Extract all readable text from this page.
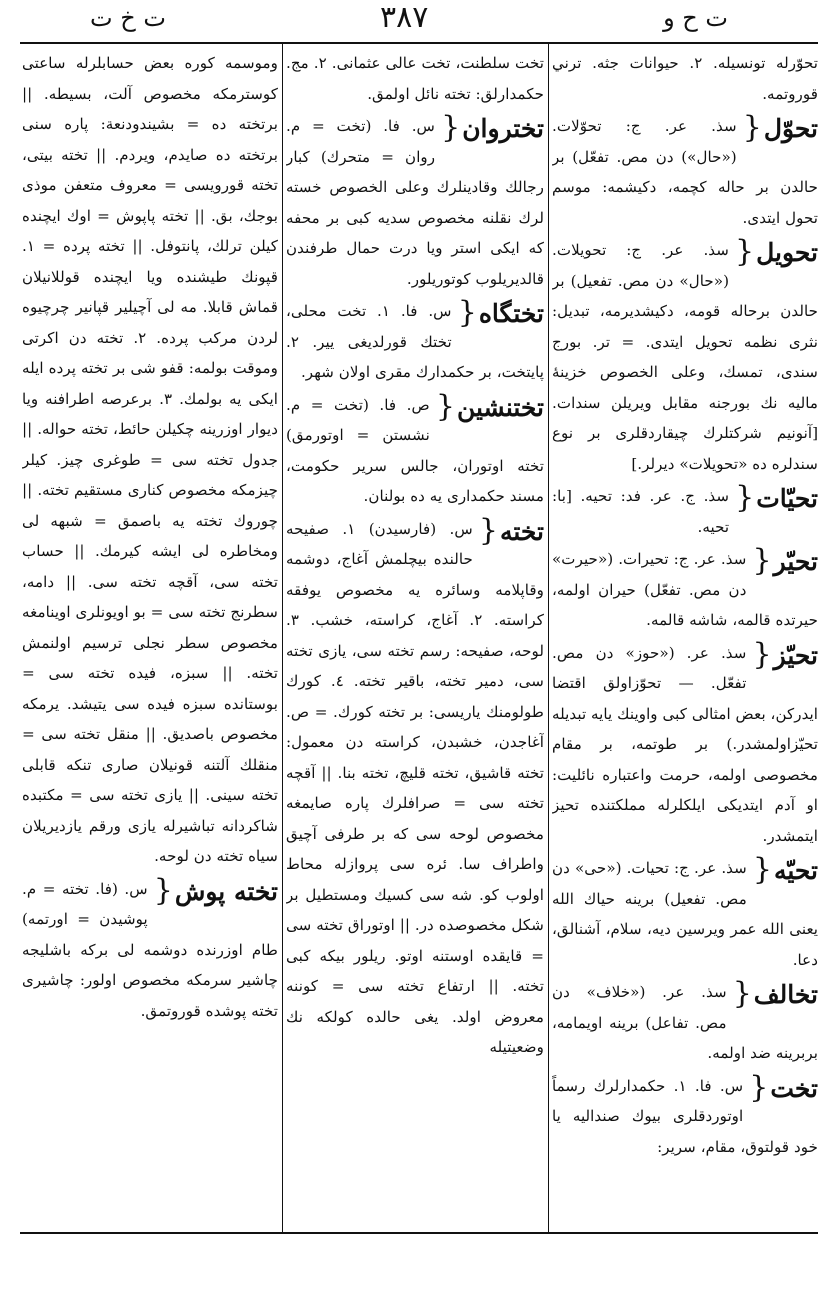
ت ح و
٣٨٧
ت خ ت
تحوّرله تونسيله. ٢. حيوانات جثه. ترني قوروتمه.
تحوّل {
سذ. عر. ج: تحوّلات. («حال») دن مص. تفعّل) بر حالدن بر حاله كچمه، دكيشمه: موسم تحول ايتدى.
تحويل {
سذ. عر. ج: تحويلات. («حال» دن مص. تفعيل) بر حالدن برحاله قومه، دكيشديرمه، تبديل: نثرى نظمه تحويل ايتدى. = تر. بورج سندى، تمسك، وعلى الخصوص خزينهٔ ماليه نك بورجنه مقابل ويريلن سندات. [آنونيم شركتلرك چيقاردقلرى بر نوع سندلره ده «تحويلات» ديرلر.]
تحيّات {
سذ. ج. عر. فد: تحيه. [با: تحيه.
تحيّر {
سذ. عر. ج: تحيرات. («حيرت» دن مص. تفعّل) حيران اولمه، حيرتده قالمه، شاشه قالمه.
تحيّز {
سذ. عر. («حوز» دن مص. تفعّل. — تحوّزاولق اقتضا ايدركن، بعض امثالى كبى واوينك يايه تبديله تحيّزاولمشدر.) بر طوتمه، بر مقام مخصوصى اولمه، حرمت واعتباره نائليت: او آدم ايتديكى ايلكلرله مملكتنده تحيز ايتمشدر.
تحيّه {
سذ. عر. ج: تحيات. («حى» دن مص. تفعيل) برينه حياك الله يعنى الله عمر ويرسين ديه، سلام، آشنالق، دعا.
تخالف {
سذ. عر. («خلاف» دن مص. تفاعل) برينه اويمامه، بربرينه ضد اولمه.
تخت {
س. فا. ١. حكمدارلرك رسماً اوتوردقلرى بيوك صندالیه يا خود قولتوق، مقام، سرير:
تخت سلطنت، تخت عالى عثمانى. ٢. مج. حكمدارلق: تخته نائل اولمق.
تختروان {
س. فا. (تخت = م. روان = متحرك) كبار رجالك وقادينلرك وعلى الخصوص خسته لرك نقلنه مخصوص سديه كبى بر محفه كه ايكى استر ويا درت حمال طرفندن قالديريلوب كوتوريلور.
تختگاه {
س. فا. ١. تخت محلى، تختك قورلديغى يير. ٢. پايتخت، بر حكمدارك مقرى اولان شهر.
تختنشين {
ص. فا. (تخت = م. نشستن = اوتورمق) تخته اوتوران، جالس سرير حكومت، مسند حكمدارى يه ده بولنان.
تخته {
س. (فارسيدن) ١. صفيحه حالنده بيچلمش آغاج، دوشمه وقاپلامه وسائره يه مخصوص يوفقه كراسته. ٢. آغاج، كراسته، خشب. ٣. لوحه، صفيحه: رسم تخته سى، يازى تخته سى، دمير تخته، باقير تخته. ٤. كورك طولومنك ياريسى: بر تخته كورك. = ص. آغاجدن، خشبدن، كراسته دن معمول: تخته قاشيق، تخته قليچ، تخته بنا. || آقچه تخته سى = صرافلرك پاره صايمغه مخصوص لوحه سى كه بر طرفى آچيق واطراف سا. ئره سى پروازله محاط اولوب كو. شه سى كسيك ومستطيل بر شكل مخصوصده در. || اوتوراق تخته سى = قايقده اوستنه اوتو. ريلور بيكه كبى تخته. || ارتفاع تخته سى = كوننه معروض اولد. يغى حالده كولكه نك وضعيتيله
وموسمه كوره بعض حسابلرله ساعتى كوسترمكه مخصوص آلت، بسيطه. || برتخته ده = بشيندودنعة: پاره سنى برتخته ده صايدم، ويردم. || تخته بيتى، تخته قورويسى = معروف متعفن موذى بوجك، بق. || تخته پاپوش = اوك ايچنده كيلن ترلك، پانتوفل. || تخته پرده = ١. قپونك طيشنده ويا ايچنده قوللانيلان قماش قابلا. مه لى آچيلير قپانير چرچيوه لردن مركب پرده. ٢. تخته دن اكرتى وموقت بولمه: قفو شى بر تخته پرده ايله ايكى يه بولمك. ٣. برعرصه اطرافنه ويا ديوار اوزرينه چكيلن حائط، تخته حواله. || جدول تخته سى = طوغرى چيز. كيلر چيزمكه مخصوص كنارى مستقيم تخته. || چوروك تخته يه باصمق = شبهه لى ومخاطره لى ايشه كيرمك. || حساب تخته سى، آقچه تخته سى. || دامه، سطرنج تخته سى = بو اويونلرى اوينامغه مخصوص سطر نجلى ترسيم اولنمش تخته. || سبزه، فيده تخته سى = بوستانده سبزه فيده سى يتيشد. يرمكه مخصوص باصديق. || منقل تخته سى = منقلك آلتنه قونيلان صارى تنكه قابلى تخته سينى. || يازى تخته سى = مكتبده شاكردانه تباشيرله يازى ورقم يازديريلان سياه تخته دن لوحه.
تخته پوش {
س. (فا. تخته = م. پوشيدن = اورتمه) طام اوزرنده دوشمه لى بركه باشليجه چاشير سرمكه مخصوص اولور: چاشيرى تخته پوشده قوروتمق.
